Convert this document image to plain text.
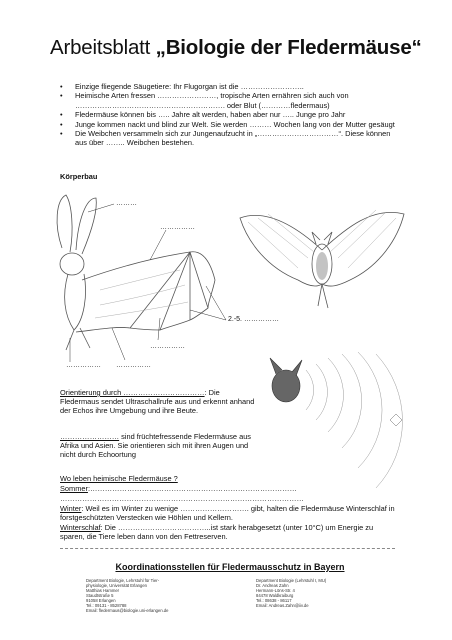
Arbeitsblatt „Biologie der Fledermäuse“
• Einzige fliegende Säugetiere: Ihr Flugorgan ist die ……………………..
• Heimische Arten fressen ……………………, tropische Arten ernähren sich auch von ……………………………………………………. oder Blut (…………fledermaus)
• Fledermäuse können bis ….. Jahre alt werden, haben aber nur ….. Junge pro Jahr
• Junge kommen nackt und blind zur Welt. Sie werden ……… Wochen lang von der Mutter gesäugt
• Die Weibchen versammeln sich zur Jungenaufzucht in „……………………………“. Diese können aus über …….. Weibchen bestehen.
Körperbau
………
……………
2.-5. ……………
……………
…………… ……………

Orientierung durch ……………………………: Die Fledermaus sendet Ultraschallrufe aus und erkennt anhand der Echos ihre Umgebung und ihre Beute.

…………………… sind früchtefressende Fledermäuse aus Afrika und Asien. Sie orientieren sich mit ihren Augen und nicht durch Echoortung

Wo leben heimische Fledermäuse ?
Sommer:…………………………………………………………………………
………………………………………………………………………………………

Winter: Weil es im Winter zu wenige ………………………. gibt, halten die Fledermäuse Winterschlaf in forstgeschützten Verstecken wie Höhlen und Kellern.

Winterschlaf: Die ………………………………..ist stark herabgesetzt (unter 10°C) um Energie zu sparen, die Tiere leben dann von den Fettreserven.

Koordinationsstellen für Fledermausschutz in Bayern
Department Biologie, Lehrstuhl für Tier-
physiologie, Universität Erlangen
Matthias Hammer
Staudtstraße 5
91058 Erlangen
Tel.: 09131 - 8528788
Email: fledermaus@biologie.uni-erlangen.de
Department Biologie (Lehrstuhl I, MU)
Dr. Andreas Zahn
Hermann-Löns-Str. 4
84478 Waldkraiburg
Tel.: 08638 - 86117
Email: Andreas.Zahn@iiv.de
